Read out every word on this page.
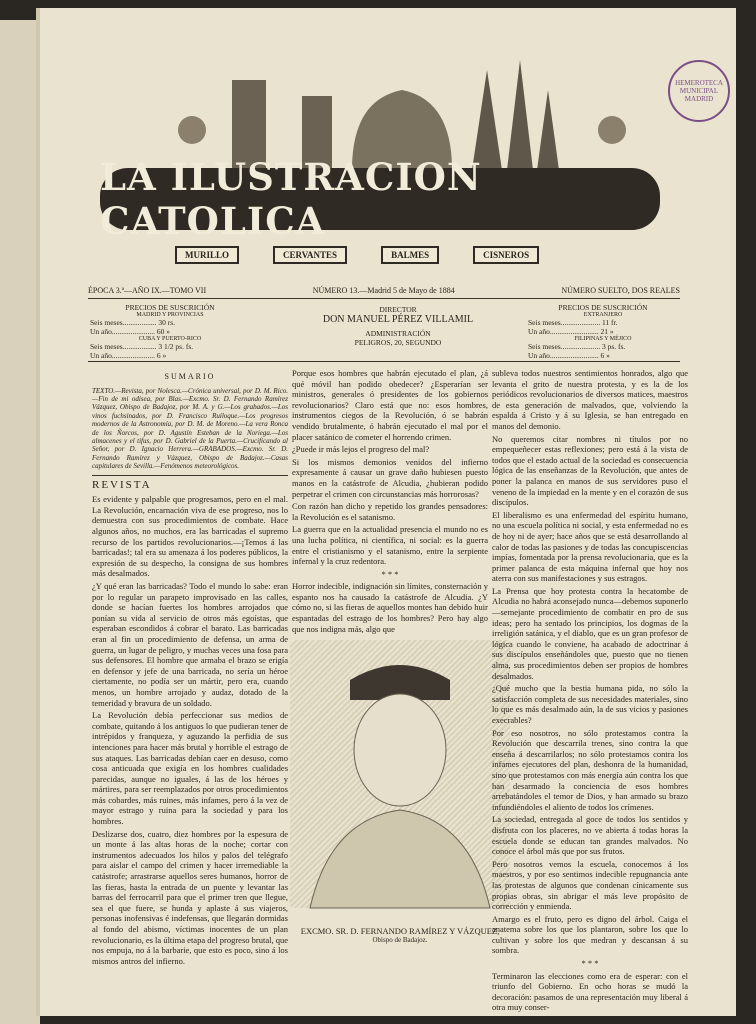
HEMEROTECA MUNICIPAL MADRID
LA ILUSTRACION CATOLICA
MURILLO	CERVANTES	BALMES	CISNEROS
ÉPOCA 3.ª—AÑO IX.—TOMO VII	NÚMERO 13.—Madrid 5 de Mayo de 1884	NÚMERO SUELTO, DOS REALES
PRECIOS DE SUSCRICIÓN
MADRID Y PROVINCIAS
Seis meses.................. 30 rs.
Un año....................... 60 »
CUBA Y PUERTO-RICO
Seis meses.................. 3 1/2 ps. fs.
Un año....................... 6 »
DIRECTOR
DON MANUEL PÉREZ VILLAMIL
ADMINISTRACIÓN
PELIGROS, 20, SEGUNDO
PRECIOS DE SUSCRICIÓN
EXTRANJERO
Seis meses..................... 11 fr.
Un año.......................... 21 »
FILIPINAS Y MÉJICO
Seis meses..................... 3 ps. fs.
Un año.......................... 6 »
SUMARIO

TEXTO.—Revista, por Nolesca.—Crónica universal, por D. M. Rico.—Fin de mi odisea, por Blas.—Excmo. Sr. D. Fernando Ramírez Vázquez, Obispo de Badajoz, por M. A. y G.—Los grabados.—Los vinos fuchsinados, por D. Francisco Ruíloque.—Los progresos modernos de la Astronomía, por D. M. de Moreno.—La vera Ronca de los Ñorcos, por D. Agustín Esteban de la Noriega.—Los almacenes y el tifus, por D. Gabriel de la Puerta.—Crucificando al Señor, por D. Ignacio Herrera.—GRABADOS.—Excmo. Sr. D. Fernando Ramírez y Vázquez, Obispo de Badajoz.—Casas capitulares de Sevilla.—Fenómenos meteorológicos.

REVISTA

Es evidente y palpable que progresamos, pero en el mal. La Revolución, encarnación viva de ese progreso, nos lo demuestra con sus procedimientos de combate. Hace algunos años, no muchos, era las barricadas el supremo recurso de los partidos revolucionarios.—¡Temos á las barricadas!; tal era su amenaza á los poderes públicos, la expresión de su despecho, la consigna de sus hombres más desalmados.

¿Y qué eran las barricadas? Todo el mundo lo sabe: eran por lo regular un parapeto improvisado en las calles, donde se hacían fuertes los hombres arrojados que ponían su vida al servicio de otros más egoístas, que esperaban escondidos á cobrar el barato. Las barricadas eran al fin un procedimiento de defensa, un arma de guerra, un lugar de peligro, y muchas veces una fosa para sus defensores. El hombre que armaba el brazo se erigía en defensor y jefe de una barricada, no sería un héroe ciertamente, no podía ser un mártir, pero era, cuando menos, un hombre arrojado y audaz, dotado de la temeridad y bravura de un soldado.

La Revolución debía perfeccionar sus medios de combate, quitando á los antiguos lo que pudieran tener de intrépidos y franqueza, y aguzando la perfidia de sus intenciones para hacer más brutal y horrible el estrago de sus ataques. Las barricadas debían caer en desuso, como cosa anticuada que exigía en los hombres cualidades parecidas, aunque no iguales, á las de los héroes y mártires, para ser reemplazados por otros procedimientos más cobardes, más ruines, más infames, pero á la vez de mayor estrago y ruina para la sociedad y para los hombres.

Deslizarse dos, cuatro, diez hombres por la espesura de un monte á las altas horas de la noche; cortar con instrumentos adecuados los hilos y palos del telégrafo para aislar el campo del crimen y hacer irremediable la catástrofe; arrastrarse aquellos seres humanos, horror de las fieras, hasta la entrada de un puente y levantar las barras del ferrocarril para que el primer tren que llegue, sea el que fuere, se hunda y aplaste á sus viajeros, personas inofensivas é indefensas, que llegarán dormidas al fondo del abismo, víctimas inocentes de un plan revolucionario, es la última etapa del progreso brutal, que nos empuja, no á la barbarie, que esto es poco, sino á los mismos antros del infierno.

Porque esos hombres que habrán ejecutado el plan, ¿á qué móvil han podido obedecer? ¿Esperarían ser ministros, generales ó presidentes de los gobiernos revolucionarios? Claro está que no: esos hombres, instrumentos ciegos de la Revolución, ó se habrán vendido brutalmente, ó habrán ejecutado el mal por el placer satánico de cometer el horrendo crimen.

¿Puede ir más lejos el progreso del mal?

Si los mismos demonios venidos del infierno expresamente á causar un grave daño hubiesen puesto manos en la catástrofe de Alcudia, ¿hubieran podido perpetrar el crimen con circunstancias más horrorosas?

Con razón han dicho y repetido los grandes pensadores: la Revolución es el satanismo.

La guerra que en la actualidad presencia el mundo no es una lucha política, ni científica, ni social: es la guerra entre el cristianismo y el satanismo, entre la serpiente infernal y la cruz redentora.

* * *

Horror indecible, indignación sin límites, consternación y espanto nos ha causado la catástrofe de Alcudia. ¿Y cómo no, si las fieras de aquellos montes han debido huir espantadas del estrago de los hombres? Pero hay algo que nos indigna más, algo que

EXCMO. SR. D. FERNANDO RAMÍREZ Y VÁZQUEZ,
Obispo de Badajoz.

subleva todos nuestros sentimientos honrados, algo que levanta el grito de nuestra protesta, y es la de los periódicos revolucionarios de diversos matices, maestros de esta generación de malvados, que, volviendo la espalda á Cristo y á su Iglesia, se han entregado en manos del demonio.

No queremos citar nombres ni títulos por no empequeñecer estas reflexiones; pero está á la vista de todos que el estado actual de la sociedad es consecuencia lógica de las enseñanzas de la Revolución, que antes de poner la palanca en manos de sus servidores puso el veneno de la impiedad en la mente y en el corazón de sus discípulos.

El liberalismo es una enfermedad del espíritu humano, no una escuela política ni social, y esta enfermedad no es de hoy ni de ayer; hace años que se está desarrollando al calor de todas las pasiones y de todas las concupiscencias impías, fomentada por la prensa revolucionaria, que es la primer palanca de esta máquina infernal que hoy nos aterra con sus manifestaciones y sus estragos.

La Prensa que hoy protesta contra la hecatombe de Alcudia no habrá aconsejado nunca—debemos suponerlo—semejante procedimiento de combatir en pro de sus ideas; pero ha sentado los principios, los dogmas de la irreligión satánica, y el diablo, que es un gran profesor de lógica cuando le conviene, ha acabado de adoctrinar á sus discípulos enseñándoles que, puesto que no tienen alma, sus procedimientos deben ser propios de hombres desalmados.

¿Qué mucho que la bestia humana pida, no sólo la satisfacción completa de sus necesidades materiales, sino lo que es más desalmado aún, la de sus vicios y pasiones execrables?

Por eso nosotros, no sólo protestamos contra la Revolución que descarrila trenes, sino contra la que enseña á descarrilarlos; no sólo protestamos contra los infames ejecutores del plan, deshonra de la humanidad, sino que protestamos con más energía aún contra los que han desarmado la conciencia de esos hombres arrebatándoles el temor de Dios, y han armado su brazo infundiéndoles el aliento de todos los crímenes.

La sociedad, entregada al goce de todos los sentidos y disfruta con los placeres, no ve abierta á todas horas la escuela donde se educan tan grandes malvados. No conoce el árbol más que por sus frutos.

Pero nosotros vemos la escuela, conocemos á los maestros, y por eso sentimos indecible repugnancia ante las protestas de algunos que condenan cínicamente sus propias obras, sin abrigar el más leve propósito de corrección y enmienda.

Amargo es el fruto, pero es digno del árbol. Caiga el anatema sobre los que los plantaron, sobre los que lo cultivan y sobre los que medran y descansan á su sombra.

* * *

Terminaron las elecciones como era de esperar: con el triunfo del Gobierno. En ocho horas se mudó la decoración: pasamos de una representación muy liberal á otra muy conser-
